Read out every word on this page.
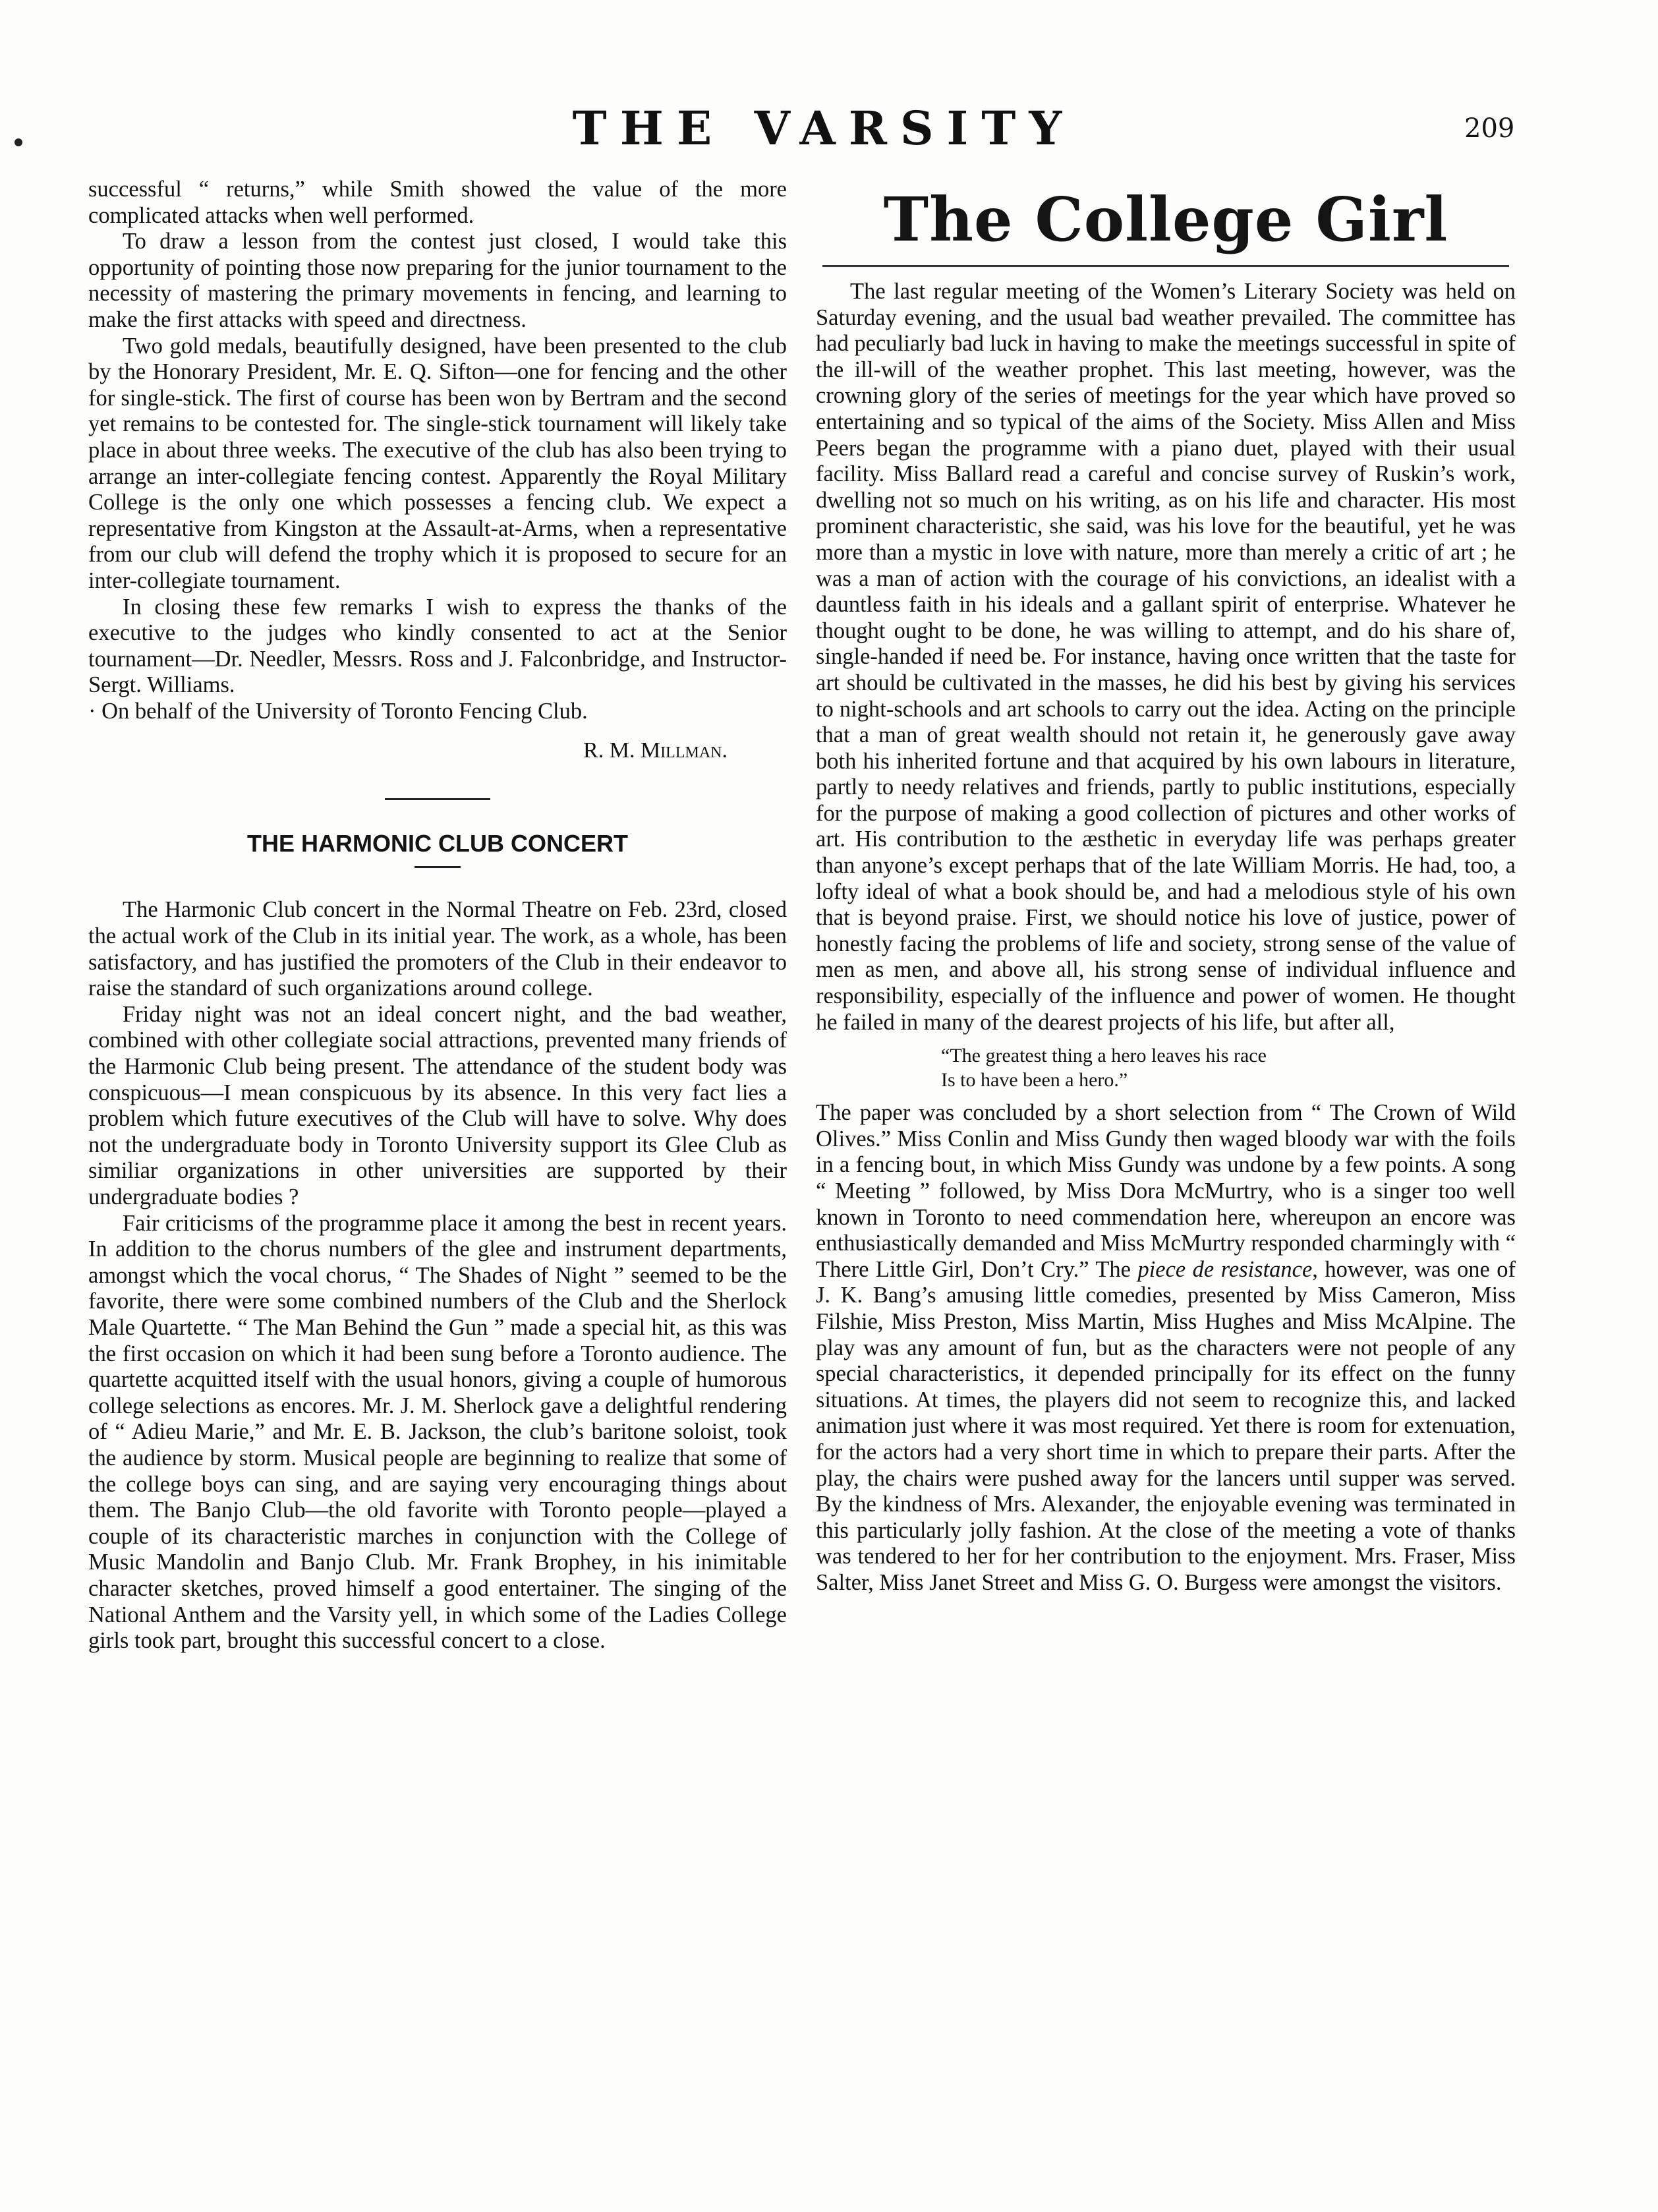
THE VARSITY	209

successful “ returns,” while Smith showed the value of the more complicated attacks when well performed.

To draw a lesson from the contest just closed, I would take this opportunity of pointing those now preparing for the junior tournament to the necessity of mastering the primary movements in fencing, and learning to make the first attacks with speed and directness.

Two gold medals, beautifully designed, have been presented to the club by the Honorary President, Mr. E. Q. Sifton—one for fencing and the other for single-stick. The first of course has been won by Bertram and the second yet remains to be contested for. The single-stick tournament will likely take place in about three weeks. The executive of the club has also been trying to arrange an inter-collegiate fencing contest. Apparently the Royal Military College is the only one which possesses a fencing club. We expect a representative from Kingston at the Assault-at-Arms, when a representative from our club will defend the trophy which it is proposed to secure for an inter-collegiate tournament.

In closing these few remarks I wish to express the thanks of the executive to the judges who kindly consented to act at the Senior tournament—Dr. Needler, Messrs. Ross and J. Falconbridge, and Instructor-Sergt. Williams.

· On behalf of the University of Toronto Fencing Club.

R. M. Millman.
THE HARMONIC CLUB CONCERT

The Harmonic Club concert in the Normal Theatre on Feb. 23rd, closed the actual work of the Club in its initial year. The work, as a whole, has been satisfactory, and has justified the promoters of the Club in their endeavor to raise the standard of such organizations around college.

Friday night was not an ideal concert night, and the bad weather, combined with other collegiate social attractions, prevented many friends of the Harmonic Club being present. The attendance of the student body was conspicuous—I mean conspicuous by its absence. In this very fact lies a problem which future executives of the Club will have to solve. Why does not the undergraduate body in Toronto University support its Glee Club as similiar organizations in other universities are supported by their undergraduate bodies ?

Fair criticisms of the programme place it among the best in recent years. In addition to the chorus numbers of the glee and instrument departments, amongst which the vocal chorus, “ The Shades of Night ” seemed to be the favorite, there were some combined numbers of the Club and the Sherlock Male Quartette. “ The Man Behind the Gun ” made a special hit, as this was the first occasion on which it had been sung before a Toronto audience. The quartette acquitted itself with the usual honors, giving a couple of humorous college selections as encores. Mr. J. M. Sherlock gave a delightful rendering of “ Adieu Marie,” and Mr. E. B. Jackson, the club’s baritone soloist, took the audience by storm. Musical people are beginning to realize that some of the college boys can sing, and are saying very encouraging things about them. The Banjo Club—the old favorite with Toronto people—played a couple of its characteristic marches in conjunction with the College of Music Mandolin and Banjo Club. Mr. Frank Brophey, in his inimitable character sketches, proved himself a good entertainer. The singing of the National Anthem and the Varsity yell, in which some of the Ladies College girls took part, brought this successful concert to a close.

The College Girl

The last regular meeting of the Women’s Literary Society was held on Saturday evening, and the usual bad weather prevailed. The committee has had peculiarly bad luck in having to make the meetings successful in spite of the ill-will of the weather prophet. This last meeting, however, was the crowning glory of the series of meetings for the year which have proved so entertaining and so typical of the aims of the Society. Miss Allen and Miss Peers began the programme with a piano duet, played with their usual facility. Miss Ballard read a careful and concise survey of Ruskin’s work, dwelling not so much on his writing, as on his life and character. His most prominent characteristic, she said, was his love for the beautiful, yet he was more than a mystic in love with nature, more than merely a critic of art ; he was a man of action with the courage of his convictions, an idealist with a dauntless faith in his ideals and a gallant spirit of enterprise. Whatever he thought ought to be done, he was willing to attempt, and do his share of, single-handed if need be. For instance, having once written that the taste for art should be cultivated in the masses, he did his best by giving his services to night-schools and art schools to carry out the idea. Acting on the principle that a man of great wealth should not retain it, he generously gave away both his inherited fortune and that acquired by his own labours in literature, partly to needy relatives and friends, partly to public institutions, especially for the purpose of making a good collection of pictures and other works of art. His contribution to the æsthetic in everyday life was perhaps greater than anyone’s except perhaps that of the late William Morris. He had, too, a lofty ideal of what a book should be, and had a melodious style of his own that is beyond praise. First, we should notice his love of justice, power of honestly facing the problems of life and society, strong sense of the value of men as men, and above all, his strong sense of individual influence and responsibility, especially of the influence and power of women. He thought he failed in many of the dearest projects of his life, but after all,

“The greatest thing a hero leaves his race
Is to have been a hero.”

The paper was concluded by a short selection from “ The Crown of Wild Olives.” Miss Conlin and Miss Gundy then waged bloody war with the foils in a fencing bout, in which Miss Gundy was undone by a few points. A song “ Meeting ” followed, by Miss Dora McMurtry, who is a singer too well known in Toronto to need commendation here, whereupon an encore was enthusiastically demanded and Miss McMurtry responded charmingly with “ There Little Girl, Don’t Cry.” The piece de resistance, however, was one of J. K. Bang’s amusing little comedies, presented by Miss Cameron, Miss Filshie, Miss Preston, Miss Martin, Miss Hughes and Miss McAlpine. The play was any amount of fun, but as the characters were not people of any special characteristics, it depended principally for its effect on the funny situations. At times, the players did not seem to recognize this, and lacked animation just where it was most required. Yet there is room for extenuation, for the actors had a very short time in which to prepare their parts. After the play, the chairs were pushed away for the lancers until supper was served. By the kindness of Mrs. Alexander, the enjoyable evening was terminated in this particularly jolly fashion. At the close of the meeting a vote of thanks was tendered to her for her contribution to the enjoyment. Mrs. Fraser, Miss Salter, Miss Janet Street and Miss G. O. Burgess were amongst the visitors.
